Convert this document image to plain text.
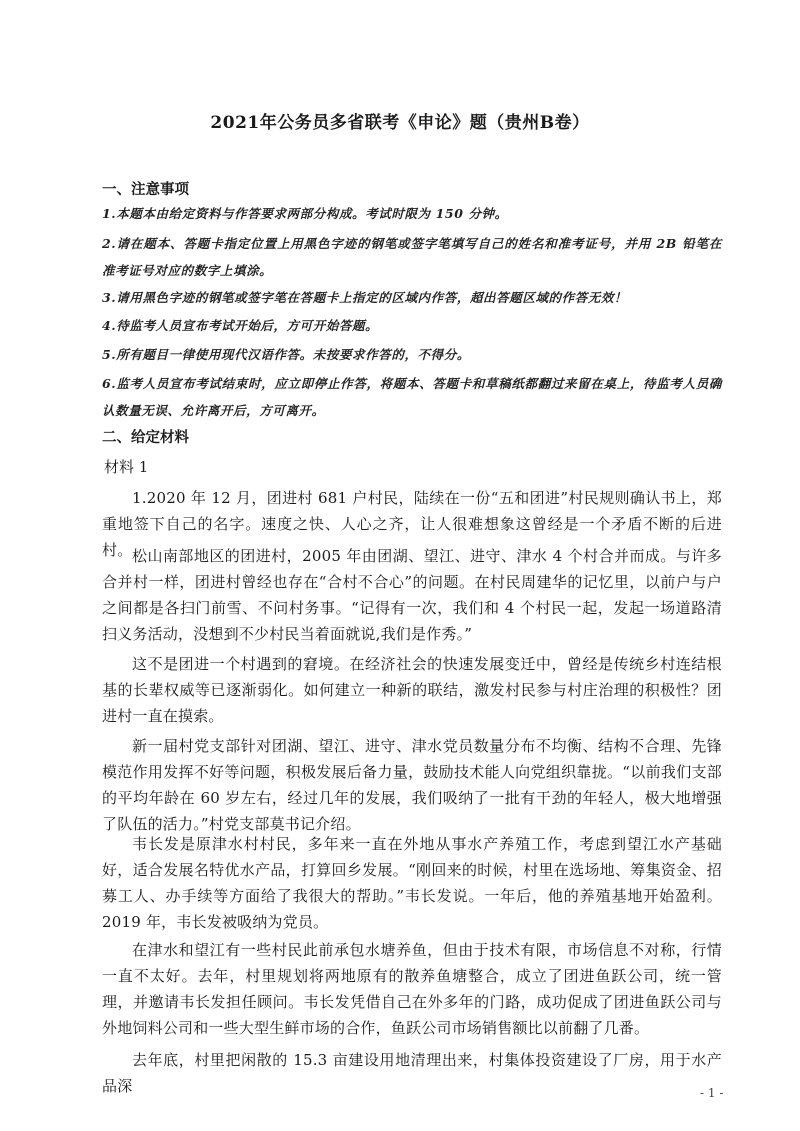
2021年公务员多省联考《申论》题（贵州B卷）
一、注意事项
1.本题本由给定资料与作答要求两部分构成。考试时限为 150 分钟。
2.请在题本、答题卡指定位置上用黑色字迹的钢笔或签字笔填写自己的姓名和准考证号，并用 2B 铅笔在准考证号对应的数字上填涂。
3.请用黑色字迹的钢笔或签字笔在答题卡上指定的区域内作答，超出答题区域的作答无效！
4.待监考人员宣布考试开始后，方可开始答题。
5.所有题目一律使用现代汉语作答。未按要求作答的，不得分。
6.监考人员宣布考试结束时，应立即停止作答，将题本、答题卡和草稿纸都翻过来留在桌上，待监考人员确认数量无误、允许离开后，方可离开。
二、给定材料
材料 1
1.2020 年 12 月，团进村 681 户村民，陆续在一份“五和团进”村民规则确认书上，郑重地签下自己的名字。速度之快、人心之齐，让人很难想象这曾经是一个矛盾不断的后进村。 松山南部地区的团进村，2005 年由团湖、望江、进守、津水 4 个村合并而成。与许多合并村一样，团进村曾经也存在“合村不合心”的问题。在村民周建华的记忆里，以前户与户之间都是各扫门前雪、不问村务事。“记得有一次，我们和 4 个村民一起，发起一场道路清扫义务活动，没想到不少村民当着面就说,我们是作秀。”
这不是团进一个村遇到的窘境。在经济社会的快速发展变迁中，曾经是传统乡村连结根基的长辈权威等已逐渐弱化。如何建立一种新的联结，激发村民参与村庄治理的积极性？团进村一直在摸索。
新一届村党支部针对团湖、望江、进守、津水党员数量分布不均衡、结构不合理、先锋模范作用发挥不好等问题，积极发展后备力量，鼓励技术能人向党组织靠拢。“以前我们支部的平均年龄在 60 岁左右，经过几年的发展，我们吸纳了一批有干劲的年轻人，极大地增强了队伍的活力。”村党支部莫书记介绍。
韦长发是原津水村村民，多年来一直在外地从事水产养殖工作，考虑到望江水产基础好，适合发展名特优水产品，打算回乡发展。“刚回来的时候，村里在选场地、筹集资金、招募工人、办手续等方面给了我很大的帮助。”韦长发说。一年后，他的养殖基地开始盈利。2019 年，韦长发被吸纳为党员。
在津水和望江有一些村民此前承包水塘养鱼，但由于技术有限，市场信息不对称，行情一直不太好。去年，村里规划将两地原有的散养鱼塘整合，成立了团进鱼跃公司，统一管理，并邀请韦长发担任顾问。韦长发凭借自己在外多年的门路，成功促成了团进鱼跃公司与外地饲料公司和一些大型生鲜市场的合作，鱼跃公司市场销售额比以前翻了几番。
去年底，村里把闲散的 15.3 亩建设用地清理出来，村集体投资建设了厂房，用于水产品深	- 1 -
